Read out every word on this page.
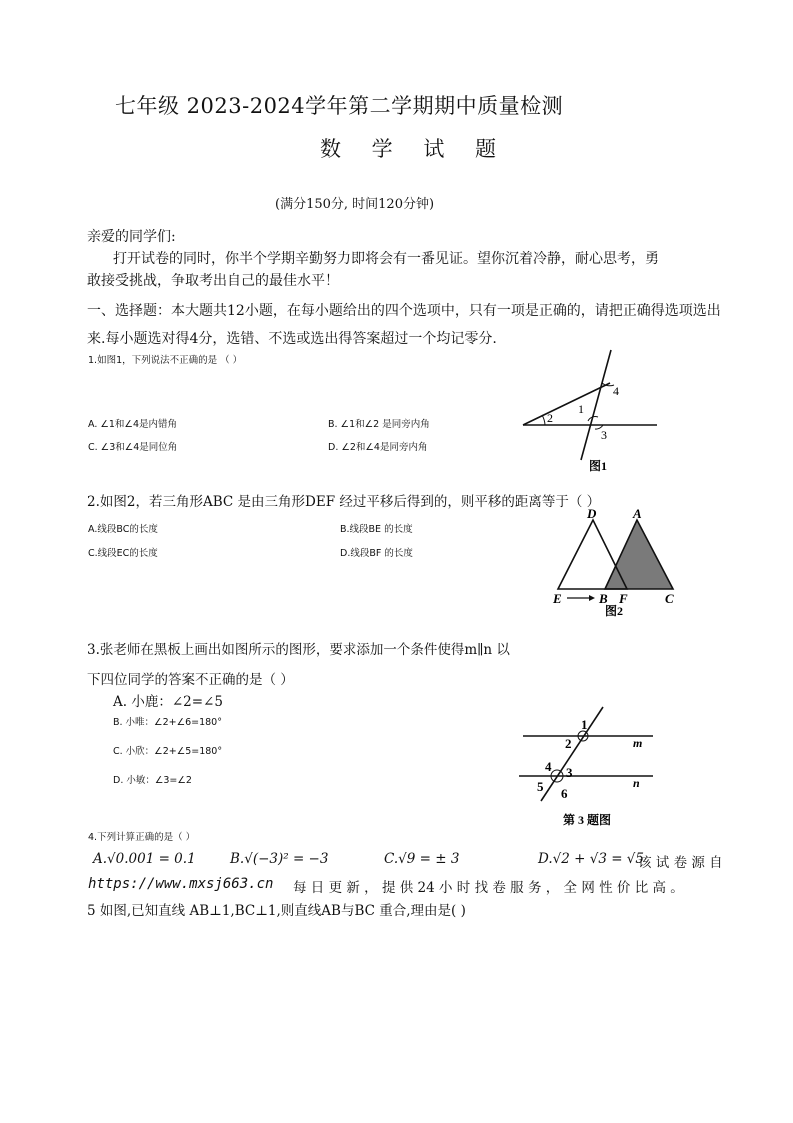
七年级 2023-2024学年第二学期期中质量检测
数 学 试 题
(满分150分, 时间120分钟)
亲爱的同学们:
打开试卷的同时，你半个学期辛勤努力即将会有一番见证。望你沉着冷静，耐心思考，勇
敢接受挑战，争取考出自己的最佳水平！
一、选择题：本大题共12小题，在每小题给出的四个选项中，只有一项是正确的，请把正确得选项选出
来.每小题选对得4分，选错、不选或选出得答案超过一个均记零分.
1.如图1，下列说法不正确的是 （ ）
A. ∠1和∠4是内错角	B. ∠1和∠2 是同旁内角
C. ∠3和∠4是同位角	D. ∠2和∠4是同旁内角
1
2
3
4
图1
2.如图2，若三角形ABC 是由三角形DEF 经过平移后得到的，则平移的距离等于（ ）
A.线段BC的长度	B.线段BE 的长度
C.线段EC的长度	D.线段BF 的长度
D	A
E	B F	C
图2
3.张老师在黑板上画出如图所示的图形，要求添加一个条件使得m∥n 以
下四位同学的答案不正确的是（ ）
A. 小鹿：∠2=∠5
B. 小唯：∠2+∠6=180°
C. 小欣：∠2+∠5=180°
D. 小敏：∠3=∠2
1
2
3
4
5 6
m
n
第 3 题图
4.下列计算正确的是（ ）
A.√0.001 = 0.1	B.√(−3)² = −3	C.√9 = ± 3	D.√2 + √3 = √5
该 试 卷 源 自
https://www.mxsj663.cn 每 日 更 新 ， 提 供 24 小 时 找 卷 服 务 ， 全 网 性 价 比 高 。
5 如图,已知直线 AB⊥1,BC⊥1,则直线AB与BC 重合,理由是( )
